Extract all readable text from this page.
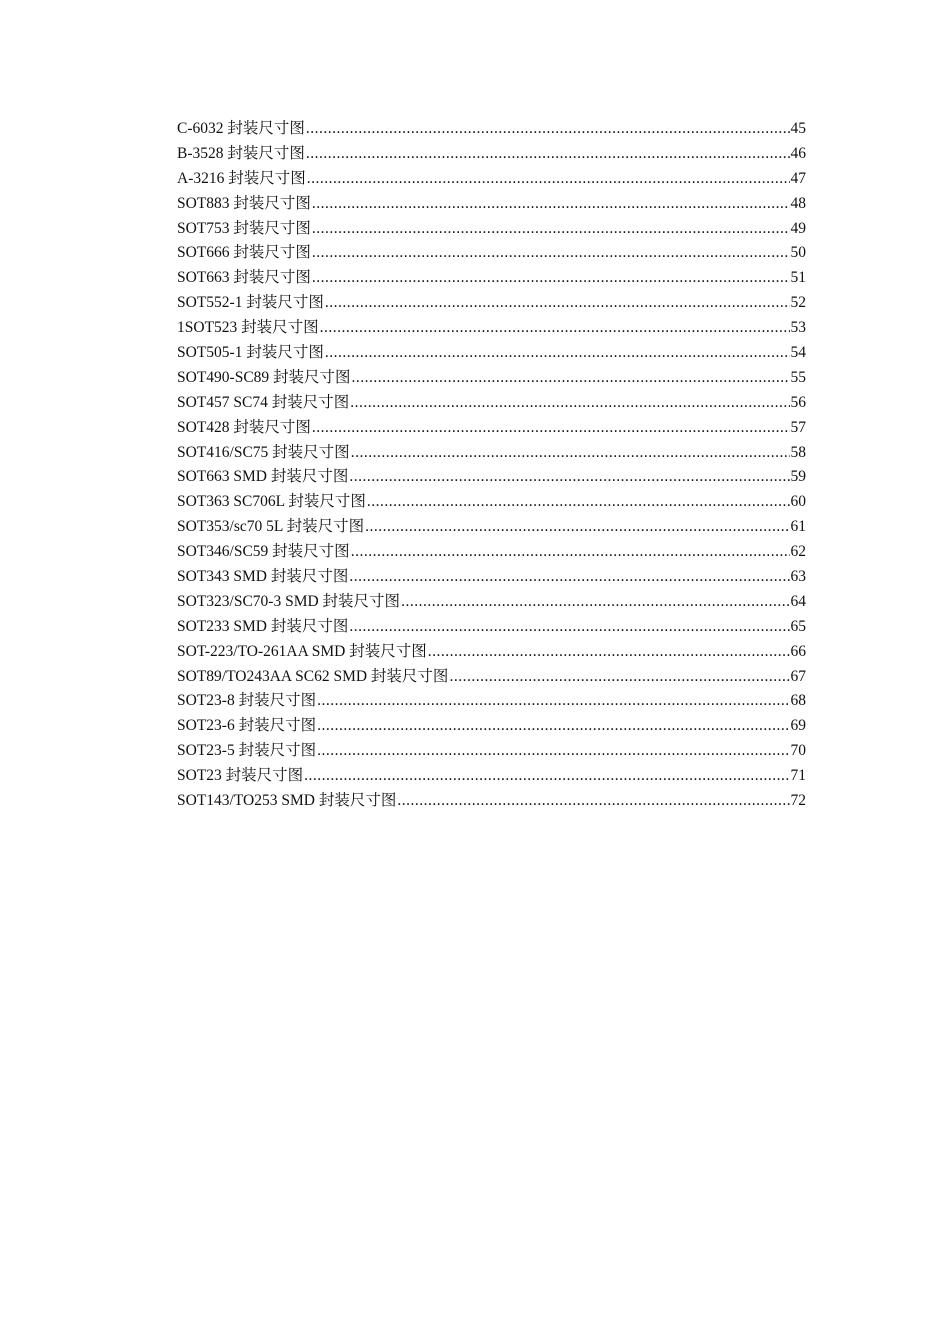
C-6032 封装尺寸图 .....	45
B-3528 封装尺寸图 .....	46
A-3216 封装尺寸图 .....	47
SOT883 封装尺寸图 .....	48
SOT753 封装尺寸图 .....	49
SOT666 封装尺寸图 .....	50
SOT663 封装尺寸图 .....	51
SOT552-1 封装尺寸图 .....	52
1SOT523 封装尺寸图 .....	53
SOT505-1 封装尺寸图 .....	54
SOT490-SC89 封装尺寸图 .....	55
SOT457 SC74 封装尺寸图 .....	56
SOT428 封装尺寸图 .....	57
SOT416/SC75 封装尺寸图 .....	58
SOT663 SMD 封装尺寸图 .....	59
SOT363 SC706L 封装尺寸图 .....	60
SOT353/sc70 5L 封装尺寸图 .....	61
SOT346/SC59 封装尺寸图 .....	62
SOT343 SMD 封装尺寸图 .....	63
SOT323/SC70-3 SMD 封装尺寸图 .....	64
SOT233 SMD 封装尺寸图 .....	65
SOT-223/TO-261AA SMD 封装尺寸图 .....	66
SOT89/TO243AA SC62 SMD 封装尺寸图 .....	67
SOT23-8 封装尺寸图 .....	68
SOT23-6 封装尺寸图 .....	69
SOT23-5 封装尺寸图 .....	70
SOT23 封装尺寸图 .....	71
SOT143/TO253 SMD 封装尺寸图 .....	72
